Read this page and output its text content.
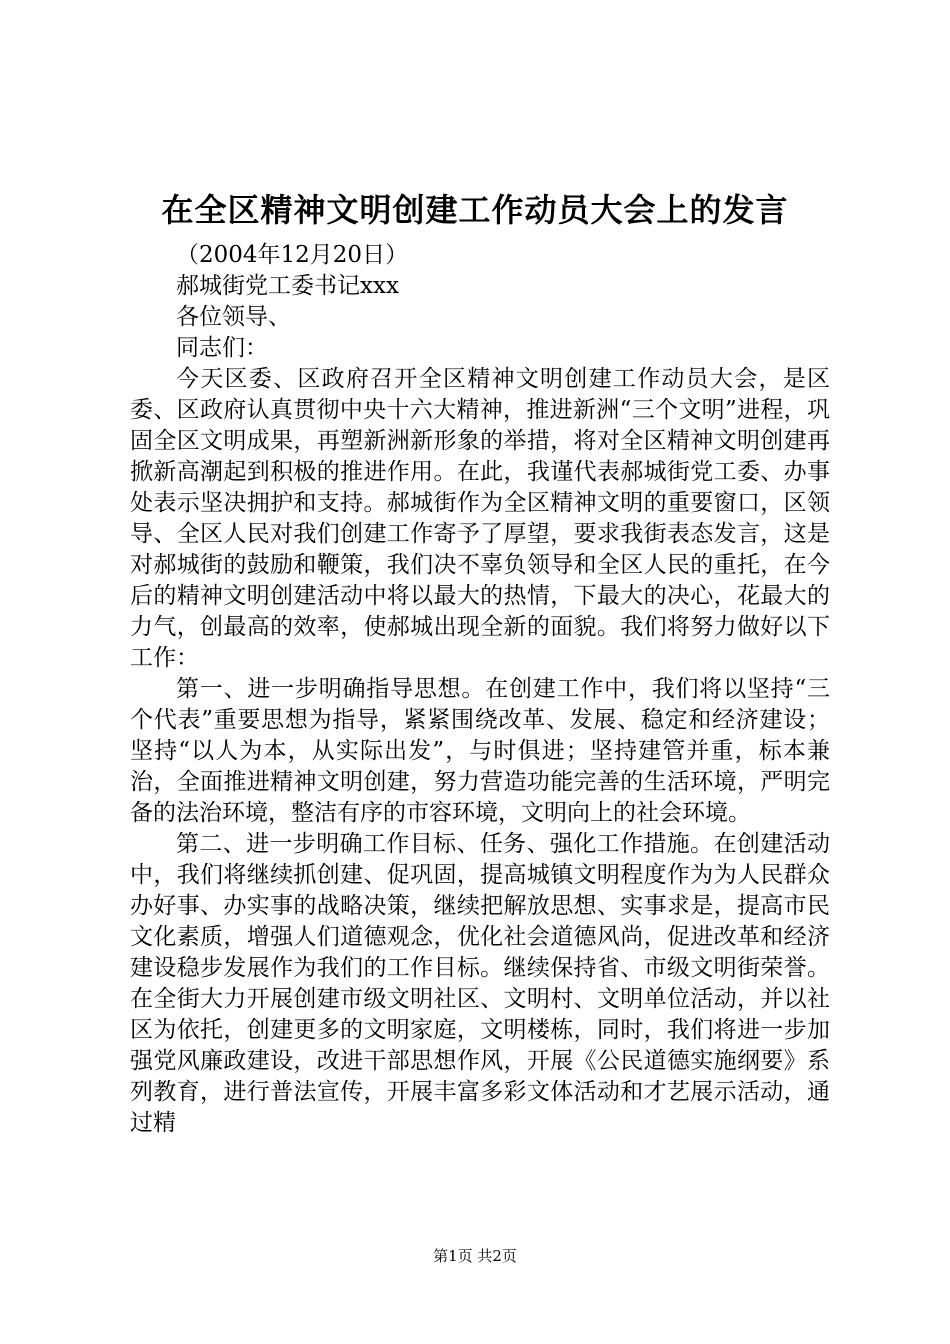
在全区精神文明创建工作动员大会上的发言

（2004年12月20日）

郝城街党工委书记xxx

各位领导、

同志们：

今天区委、区政府召开全区精神文明创建工作动员大会，是区委、区政府认真贯彻中央十六大精神，推进新洲“三个文明”进程，巩固全区文明成果，再塑新洲新形象的举措，将对全区精神文明创建再掀新高潮起到积极的推进作用。在此，我谨代表郝城街党工委、办事处表示坚决拥护和支持。郝城街作为全区精神文明的重要窗口，区领导、全区人民对我们创建工作寄予了厚望，要求我街表态发言，这是对郝城街的鼓励和鞭策，我们决不辜负领导和全区人民的重托，在今后的精神文明创建活动中将以最大的热情，下最大的决心，花最大的力气，创最高的效率，使郝城出现全新的面貌。我们将努力做好以下工作：

第一、进一步明确指导思想。在创建工作中，我们将以坚持“三个代表”重要思想为指导，紧紧围绕改革、发展、稳定和经济建设；坚持“以人为本，从实际出发”，与时俱进；坚持建管并重，标本兼治，全面推进精神文明创建，努力营造功能完善的生活环境，严明完备的法治环境，整洁有序的市容环境，文明向上的社会环境。

第二、进一步明确工作目标、任务、强化工作措施。在创建活动中，我们将继续抓创建、促巩固，提高城镇文明程度作为为人民群众办好事、办实事的战略决策，继续把解放思想、实事求是，提高市民文化素质，增强人们道德观念，优化社会道德风尚，促进改革和经济建设稳步发展作为我们的工作目标。继续保持省、市级文明街荣誉。在全街大力开展创建市级文明社区、文明村、文明单位活动，并以社区为依托，创建更多的文明家庭，文明楼栋，同时，我们将进一步加强党风廉政建设，改进干部思想作风，开展《公民道德实施纲要》系列教育，进行普法宣传，开展丰富多彩文体活动和才艺展示活动，通过精

第1页 共2页
